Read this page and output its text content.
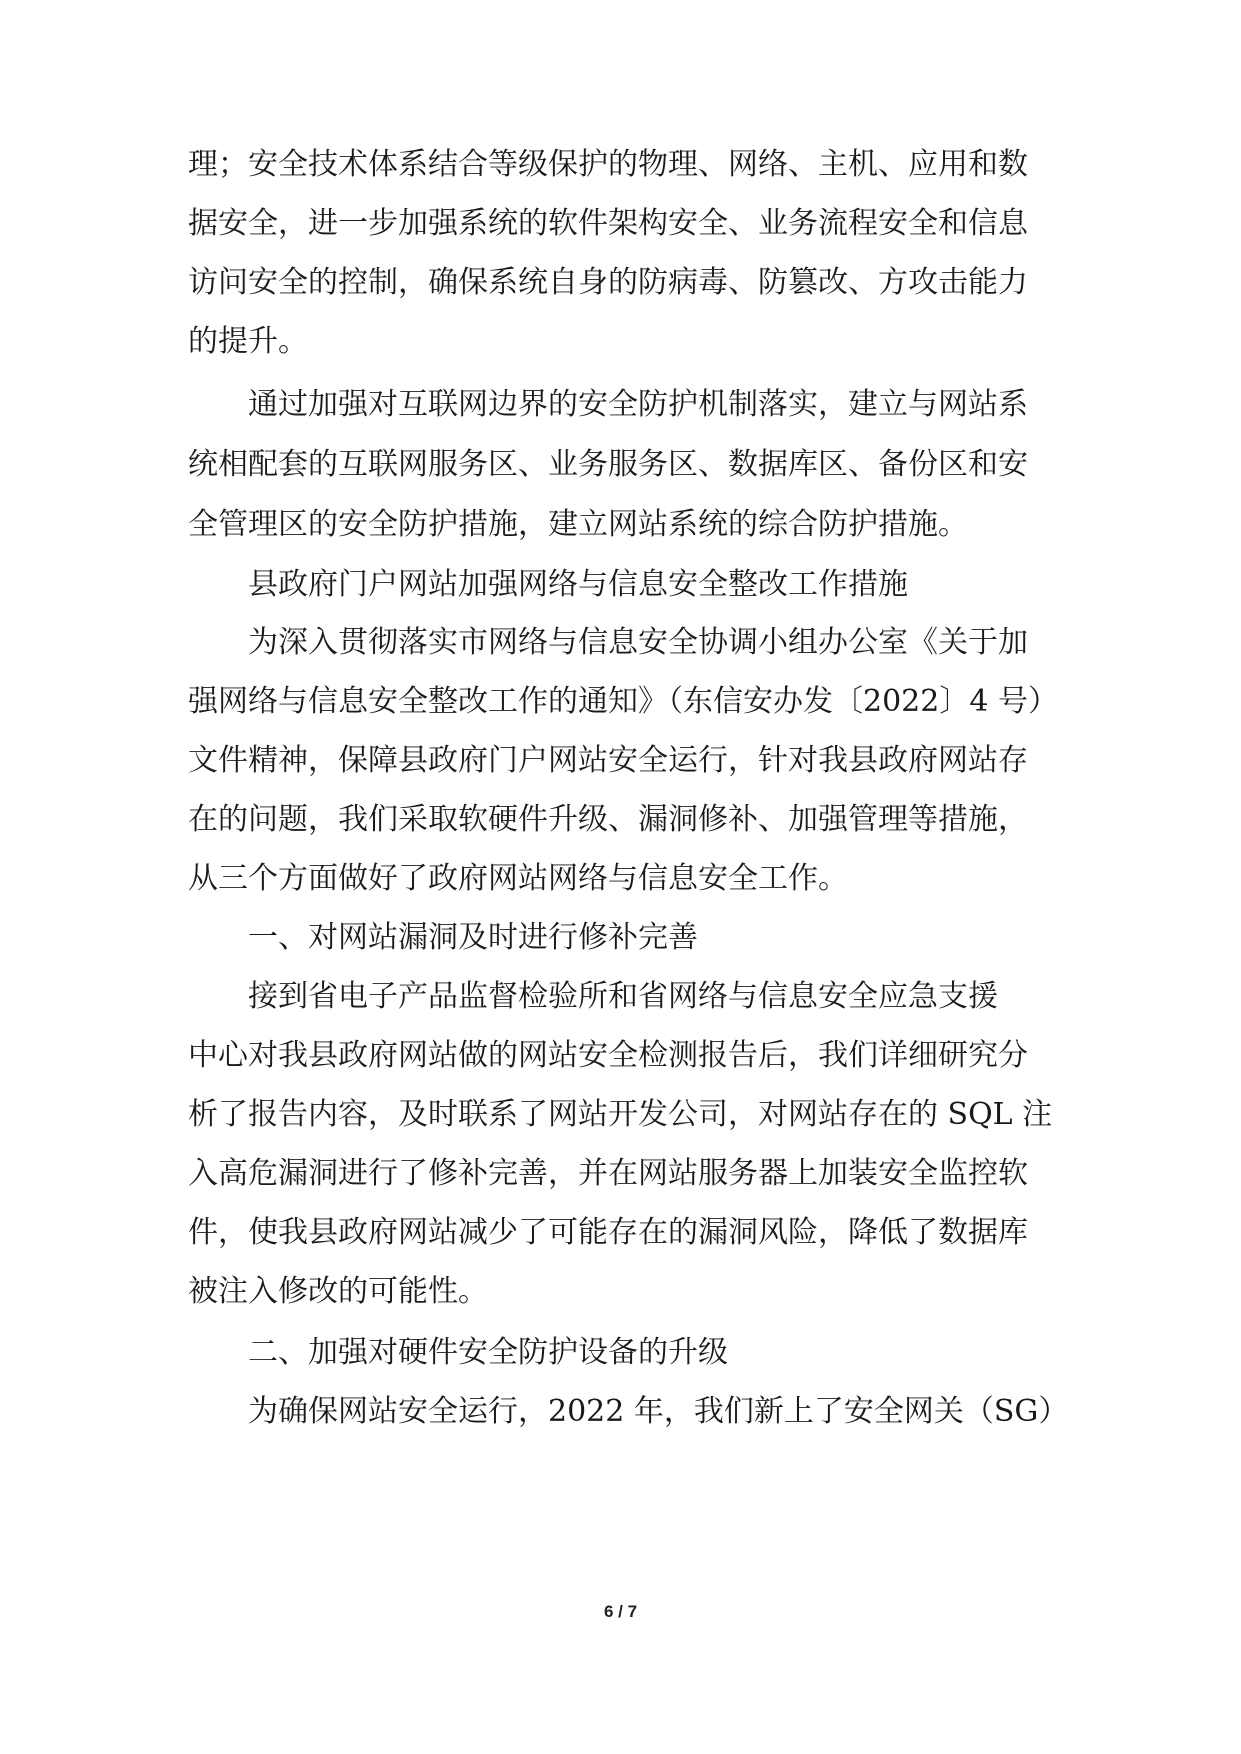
理；安全技术体系结合等级保护的物理、网络、主机、应用和数
据安全，进一步加强系统的软件架构安全、业务流程安全和信息
访问安全的控制，确保系统自身的防病毒、防篡改、方攻击能力
的提升。
通过加强对互联网边界的安全防护机制落实，建立与网站系
统相配套的互联网服务区、业务服务区、数据库区、备份区和安
全管理区的安全防护措施，建立网站系统的综合防护措施。
县政府门户网站加强网络与信息安全整改工作措施
为深入贯彻落实市网络与信息安全协调小组办公室《关于加
强网络与信息安全整改工作的通知》（东信安办发〔2022〕4 号）
文件精神，保障县政府门户网站安全运行，针对我县政府网站存
在的问题，我们采取软硬件升级、漏洞修补、加强管理等措施，
从三个方面做好了政府网站网络与信息安全工作。
一、对网站漏洞及时进行修补完善
接到省电子产品监督检验所和省网络与信息安全应急支援
中心对我县政府网站做的网站安全检测报告后，我们详细研究分
析了报告内容，及时联系了网站开发公司，对网站存在的 SQL 注
入高危漏洞进行了修补完善，并在网站服务器上加装安全监控软
件，使我县政府网站减少了可能存在的漏洞风险，降低了数据库
被注入修改的可能性。
二、加强对硬件安全防护设备的升级
为确保网站安全运行，2022 年，我们新上了安全网关（SG）
6 / 7
